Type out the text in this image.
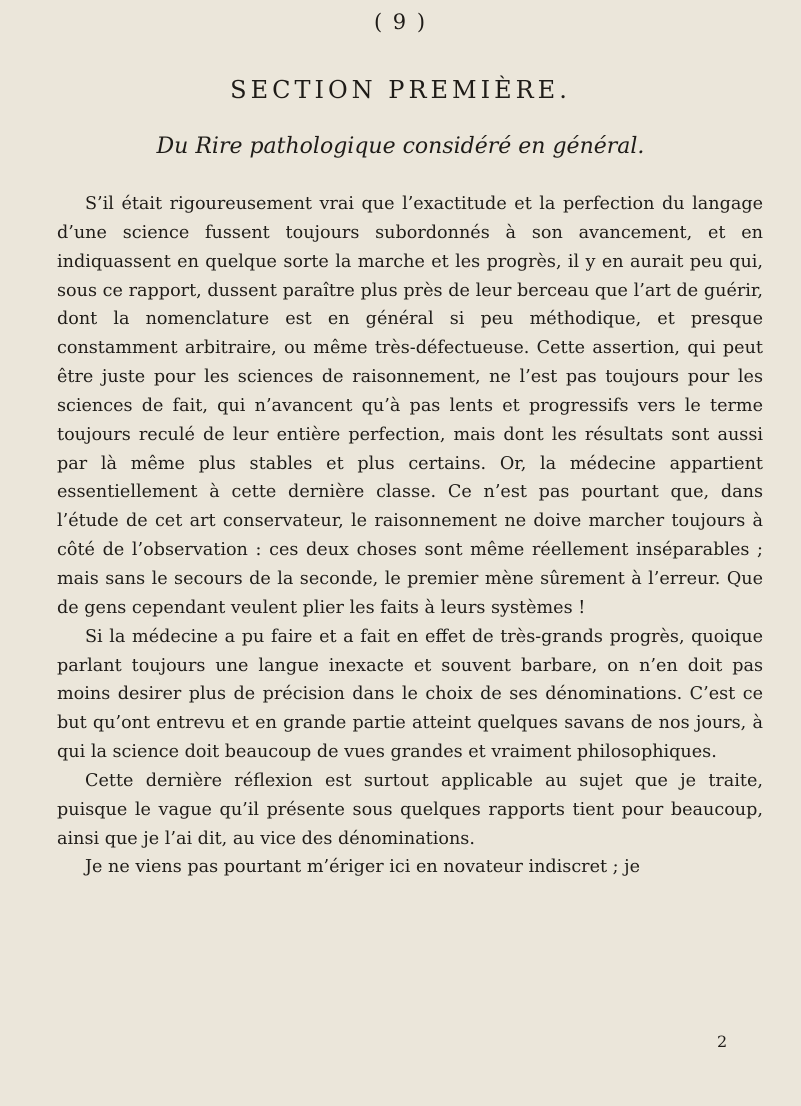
( 9 )
SECTION PREMIÈRE.
Du Rire pathologique considéré en général.

S’il était rigoureusement vrai que l’exactitude et la perfection du langage d’une science fussent toujours subordonnés à son avancement, et en indiquassent en quelque sorte la marche et les progrès, il y en aurait peu qui, sous ce rapport, dussent paraître plus près de leur berceau que l’art de guérir, dont la nomenclature est en général si peu méthodique, et presque constamment arbitraire, ou même très-défectueuse. Cette assertion, qui peut être juste pour les sciences de raisonnement, ne l’est pas toujours pour les sciences de fait, qui n’avancent qu’à pas lents et progressifs vers le terme toujours reculé de leur entière perfection, mais dont les résultats sont aussi par là même plus stables et plus certains. Or, la médecine appartient essentiellement à cette dernière classe. Ce n’est pas pourtant que, dans l’étude de cet art conservateur, le raisonnement ne doive marcher toujours à côté de l’observation : ces deux choses sont même réellement inséparables ; mais sans le secours de la seconde, le premier mène sûrement à l’erreur. Que de gens cependant veulent plier les faits à leurs systèmes !

Si la médecine a pu faire et a fait en effet de très-grands progrès, quoique parlant toujours une langue inexacte et souvent barbare, on n’en doit pas moins desirer plus de précision dans le choix de ses dénominations. C’est ce but qu’ont entrevu et en grande partie atteint quelques savans de nos jours, à qui la science doit beaucoup de vues grandes et vraiment philosophiques.

Cette dernière réflexion est surtout applicable au sujet que je traite, puisque le vague qu’il présente sous quelques rapports tient pour beaucoup, ainsi que je l’ai dit, au vice des dénominations.

Je ne viens pas pourtant m’ériger ici en novateur indiscret ; je

2
